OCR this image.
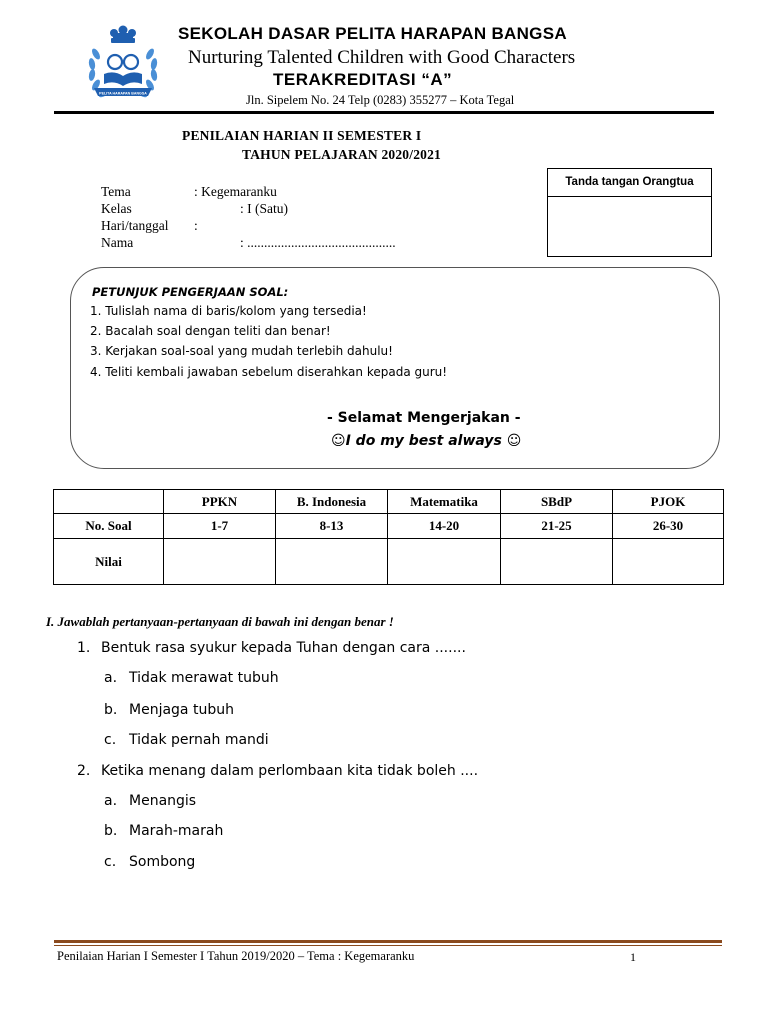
PELITA HARAPAN BANGSA
SEKOLAH DASAR PELITA HARAPAN BANGSA
Nurturing Talented Children with Good Characters
TERAKREDITASI “A”
Jln. Sipelem No. 24 Telp (0283) 355277 – Kota Tegal
PENILAIAN HARIAN II SEMESTER I
TAHUN PELAJARAN 2020/2021
Tema	: Kegemaranku
Kelas	: I (Satu)
Hari/tanggal :
Nama	: ............................................
Tanda tangan Orangtua
PETUNJUK PENGERJAAN SOAL:
1. Tulislah nama di baris/kolom yang tersedia!
2. Bacalah soal dengan teliti dan benar!
3. Kerjakan soal-soal yang mudah terlebih dahulu!
4. Teliti kembali jawaban sebelum diserahkan kepada guru!
- Selamat Mengerjakan -
☺I do my best always ☺
	PPKN	B. Indonesia	Matematika	SBdP	PJOK
No. Soal	1-7	8-13	14-20	21-25	26-30
Nilai					
I. Jawablah pertanyaan-pertanyaan di bawah ini dengan benar !
1. Bentuk rasa syukur kepada Tuhan dengan cara .......
a. Tidak merawat tubuh
b. Menjaga tubuh
c. Tidak pernah mandi
2. Ketika menang dalam perlombaan kita tidak boleh ....
a. Menangis
b. Marah-marah
c. Sombong
Penilaian Harian I Semester I Tahun 2019/2020 – Tema : Kegemaranku	1
